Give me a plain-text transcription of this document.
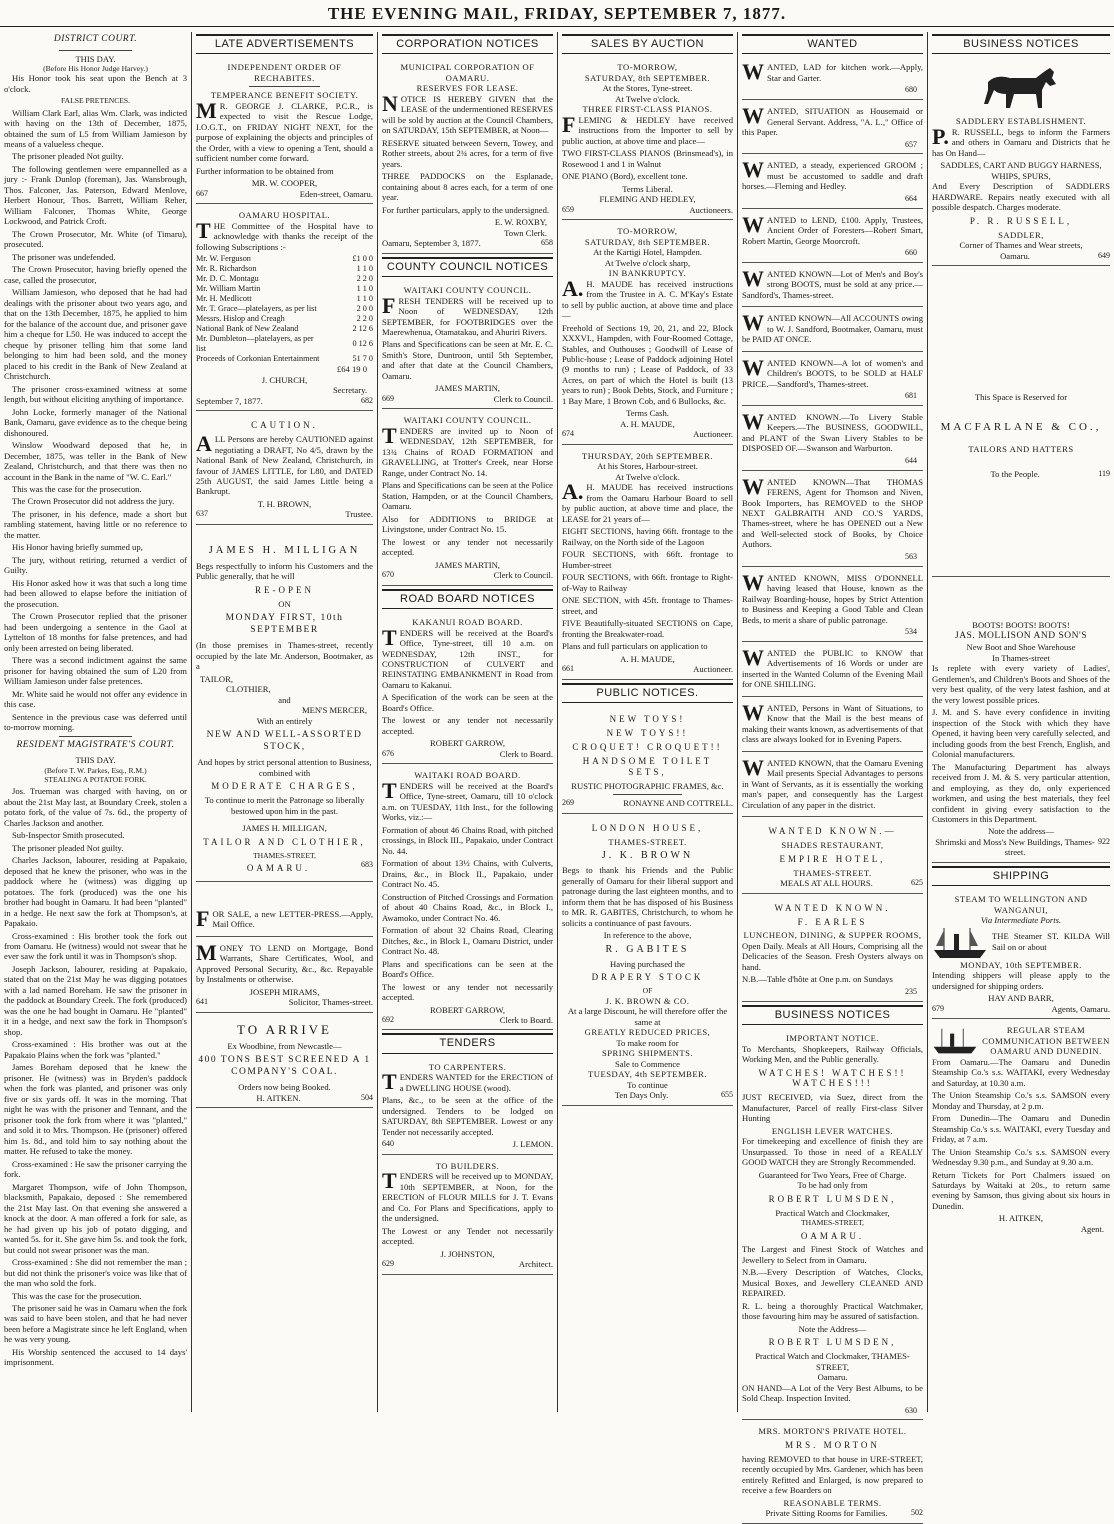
THE EVENING MAIL, FRIDAY, SEPTEMBER 7, 1877.
DISTRICT COURT.
THIS DAY.
(Before His Honor Judge Harvey.)

His Honor took his seat upon the Bench at 3 o'clock.

FALSE PRETENCES.

William Clark Earl, alias Wm. Clark, was indicted with having on the 13th of December, 1875, obtained the sum of L5 from William Jamieson by means of a valueless cheque.

The prisoner pleaded Not guilty.

The following gentlemen were empannelled as a jury :- Frank Dunlop (foreman), Jas. Wansbrough, Thos. Falconer, Jas. Paterson, Edward Menlove, Herbert Honour, Thos. Barrett, William Reher, William Falconer, Thomas White, George Lockwood, and Patrick Croft.

The Crown Prosecutor, Mr. White (of Timaru), prosecuted.

The prisoner was undefended.

The Crown Prosecutor, having briefly opened the case, called the prosecutor,

William Jamieson, who deposed that he had had dealings with the prisoner about two years ago, and that on the 13th December, 1875, he applied to him for the balance of the account due, and prisoner gave him a cheque for L50. He was induced to accept the cheque by prisoner telling him that some land belonging to him had been sold, and the money placed to his credit in the Bank of New Zealand at Christchurch.

The prisoner cross-examined witness at some length, but without eliciting anything of importance.

John Locke, formerly manager of the National Bank, Oamaru, gave evidence as to the cheque being dishonoured.

Winslow Woodward deposed that he, in December, 1875, was teller in the Bank of New Zealand, Christchurch, and that there was then no account in the Bank in the name of "W. C. Earl."

This was the case for the prosecution.

The Crown Prosecutor did not address the jury.

The prisoner, in his defence, made a short but rambling statement, having little or no reference to the matter.

His Honor having briefly summed up,

The jury, without retiring, returned a verdict of Guilty.

His Honor asked how it was that such a long time had been allowed to elapse before the initiation of the prosecution.

The Crown Prosecutor replied that the prisoner had been undergoing a sentence in the Gaol at Lyttelton of 18 months for false pretences, and had only been arrested on being liberated.

There was a second indictment against the same prisoner for having obtained the sum of L20 from William Jamieson under false pretences.

Mr. White said he would not offer any evidence in this case.

Sentence in the previous case was deferred until to-morrow morning.

RESIDENT MAGISTRATE'S COURT.
THIS DAY.
(Before T. W. Parkes, Esq., R.M.)

STEALING A POTATOE FORK.

Jos. Trueman was charged with having, on or about the 21st May last, at Boundary Creek, stolen a potato fork, of the value of 7s. 6d., the property of Charles Jackson and another.

Sub-Inspector Smith prosecuted.

The prisoner pleaded Not guilty.

Charles Jackson, labourer, residing at Papakaio, deposed that he knew the prisoner, who was in the paddock where he (witness) was digging up potatoes. The fork (produced) was the one his brother had bought in Oamaru. It had been "planted" in a hedge. He next saw the fork at Thompson's, at Papakaio.

Cross-examined : His brother took the fork out from Oamaru. He (witness) would not swear that he ever saw the fork until it was in Thompson's shop.

Joseph Jackson, labourer, residing at Papakaio, stated that on the 21st May he was digging potatoes with a lad named Boreham. He saw the prisoner in the paddock at Boundary Creek. The fork (produced) was the one he had bought in Oamaru. He "planted" it in a hedge, and next saw the fork in Thompson's shop.

Cross-examined : His brother was out at the Papakaio Plains when the fork was "planted."

James Boreham deposed that he knew the prisoner. He (witness) was in Bryden's paddock when the fork was planted, and prisoner was only five or six yards off. It was in the morning. That night he was with the prisoner and Tennant, and the prisoner took the fork from where it was "planted," and sold it to Mrs. Thompson. He (prisoner) offered him 1s. 8d., and told him to say nothing about the matter. He refused to take the money.

Cross-examined : He saw the prisoner carrying the fork.

Margaret Thompson, wife of John Thompson, blacksmith, Papakaio, deposed : She remembered the 21st May last. On that evening she answered a knock at the door. A man offered a fork for sale, as he had given up his job of potato digging, and wanted 5s. for it. She gave him 5s. and took the fork, but could not swear prisoner was the man.

Cross-examined : She did not remember the man ; but did not think the prisoner's voice was like that of the man who sold the fork.

This was the case for the prosecution.

The prisoner said he was in Oamaru when the fork was said to have been stolen, and that he had never been before a Magistrate since he left England, when he was very young.

His Worship sentenced the accused to 14 days' imprisonment.

LATE ADVERTISEMENTS
INDEPENDENT ORDER OF RECHABITES.
TEMPERANCE BENEFIT SOCIETY.

MR. GEORGE J. CLARKE, P.C.R., is expected to visit the Rescue Lodge, I.O.G.T., on FRIDAY NIGHT NEXT, for the purpose of explaining the objects and principles of the Order, with a view to opening a Tent, should a sufficient number come forward.

Further information to be obtained from

MR. W. COOPER,
667	Eden-street, Oamaru.
OAMARU HOSPITAL.

THE Committee of the Hospital have to acknowledge with thanks the receipt of the following Subscriptions :-

Mr. W. Ferguson	£1 0 0
Mr. R. Richardson	1 1 0
Mr. D. C. Montagu	2 2 0
Mr. William Martin	1 1 0
Mr. H. Medlicott	1 1 0
Mr. T. Grace—platelayers, as per list	2 0 0
Messrs. Hislop and Creagh	2 2 0
National Bank of New Zealand	2 12 6
Mr. Dumbleton—platelayers, as per list	0 12 6
Proceeds of Corkonian Entertainment	51 7 0
£64 19 0
J. CHURCH,
Secretary.
September 7, 1877.	682
CAUTION.

ALL Persons are hereby CAUTIONED against negotiating a DRAFT, No 4/5, drawn by the National Bank of New Zealand, Christchurch, in favour of JAMES LITTLE, for L80, and DATED 25th AUGUST, the said James Little being a Bankrupt.

T. H. BROWN,
637	Trustee.
JAMES H. MILLIGAN

Begs respectfully to inform his Customers and the Public generally, that he will

RE-OPEN
ON
MONDAY FIRST, 10th SEPTEMBER

(In those premises in Thames-street, recently occupied by the late Mr. Anderson, Bootmaker, as a

TAILOR,
CLOTHIER,
and
MEN'S MERCER,
With an entirely
NEW AND WELL-ASSORTED STOCK,
And hopes by strict personal attention to Business, combined with
MODERATE CHARGES,
To continue to merit the Patronage so liberally bestowed upon him in the past.
JAMES H. MILLIGAN,
TAILOR AND CLOTHIER,
THAMES-STREET,
OAMARU.	683

FOR SALE, a new LETTER-PRESS.—Apply, Mail Office.

MONEY TO LEND on Mortgage, Bond Warrants, Share Certificates, Wool, and Approved Personal Security, &c., &c. Repayable by Instalments or otherwise.

JOSEPH MIRAMS,
641	Solicitor, Thames-street.
TO ARRIVE
Ex Woodbine, from Newcastle—
400 TONS BEST SCREENED A 1 COMPANY'S COAL.
Orders now being Booked.
H. AITKEN.	504
CORPORATION NOTICES
MUNICIPAL CORPORATION OF OAMARU.
RESERVES FOR LEASE.

NOTICE IS HEREBY GIVEN that the LEASE of the undermentioned RESERVES will be sold by auction at the Council Chambers, on SATURDAY, 15th SEPTEMBER, at Noon—

RESERVE situated between Severn, Towey, and Rother streets, about 2¾ acres, for a term of five years.

THREE PADDOCKS on the Esplanade, containing about 8 acres each, for a term of one year.

For further particulars, apply to the undersigned.

E. W. ROXBY,
Town Clerk.
Oamaru, September 3, 1877.	658
COUNTY COUNCIL NOTICES
WAITAKI COUNTY COUNCIL.

FRESH TENDERS will be received up to Noon of WEDNESDAY, 12th SEPTEMBER, for FOOTBRIDGES over the Maerewhenua, Otamatakau, and Ahuriri Rivers.

Plans and Specifications can be seen at Mr. E. C. Smith's Store, Duntroon, until 5th September, and after that date at the Council Chambers, Oamaru.

JAMES MARTIN,
669	Clerk to Council.
WAITAKI COUNTY COUNCIL.

TENDERS are invited up to Noon of WEDNESDAY, 12th SEPTEMBER, for 13¾ Chains of ROAD FORMATION and GRAVELLING, at Trotter's Creek, near Horse Range, under Contract No. 14.

Plans and Specifications can be seen at the Police Station, Hampden, or at the Council Chambers, Oamaru.

Also for ADDITIONS to BRIDGE at Livingstone, under Contract No. 15.

The lowest or any tender not necessarily accepted.

JAMES MARTIN,
670	Clerk to Council.
ROAD BOARD NOTICES
KAKANUI ROAD BOARD.

TENDERS will be received at the Board's Office, Tyne-street, till 10 a.m. on WEDNESDAY, 12th INST., for CONSTRUCTION of CULVERT and REINSTATING EMBANKMENT in Road from Oamaru to Kakanui.

A Specification of the work can be seen at the Board's Office.

The lowest or any tender not necessarily accepted.

ROBERT GARROW,
676	Clerk to Board.
WAITAKI ROAD BOARD.

TENDERS will be received at the Board's Office, Tyne-street, Oamaru, till 10 o'clock a.m. on TUESDAY, 11th Inst., for the following Works, viz.:—

Formation of about 46 Chains Road, with pitched crossings, in Block III., Papakaio, under Contract No. 44.

Formation of about 13½ Chains, with Culverts, Drains, &c., in Block II., Papakaio, under Contract No. 45.

Construction of Pitched Crossings and Formation of about 40 Chains Road, &c., in Block I., Awamoko, under Contract No. 46.

Formation of about 32 Chains Road, Clearing Ditches, &c., in Block I., Oamaru District, under Contract No. 48.

Plans and specifications can be seen at the Board's Office.

The lowest or any tender not necessarily accepted.

ROBERT GARROW,
692	Clerk to Board.
TENDERS
TO CARPENTERS.

TENDERS WANTED for the ERECTION of a DWELLING HOUSE (wood).

Plans, &c., to be seen at the office of the undersigned. Tenders to be lodged on SATURDAY, 8th SEPTEMBER. Lowest or any Tender not necessarily accepted.

640	J. LEMON.
TO BUILDERS.

TENDERS will be received up to MONDAY, 10th SEPTEMBER, at Noon, for the ERECTION of FLOUR MILLS for J. T. Evans and Co. For Plans and Specifications, apply to the undersigned.

The Lowest or any Tender not necessarily accepted.

J. JOHNSTON,
629	Architect.
SALES BY AUCTION
TO-MORROW,
SATURDAY, 8th SEPTEMBER.
At the Stores, Tyne-street.
At Twelve o'clock.
THREE FIRST-CLASS PIANOS.

FLEMING & HEDLEY have received instructions from the Importer to sell by public auction, at above time and place—

TWO FIRST-CLASS PIANOS (Brinsmead's), in Rosewood 1 and 1 in Walnut

ONE PIANO (Bord), excellent tone.

Terms Liberal.
FLEMING AND HEDLEY,
659	Auctioneers.
TO-MORROW,
SATURDAY, 8th SEPTEMBER.
At the Kartigi Hotel, Hampden.
At Twelve o'clock sharp,
IN BANKRUPTCY.

A.H. MAUDE has received instructions from the Trustee in A. C. M'Kay's Estate to sell by public auction, at above time and place—

Freehold of Sections 19, 20, 21, and 22, Block XXXVI., Hampden, with Four-Roomed Cottage, Stables, and Outhouses ; Goodwill of Lease of Public-house ; Lease of Paddock adjoining Hotel (9 months to run) ; Lease of Paddock, of 33 Acres, on part of which the Hotel is built (13 years to run) ; Book Debts, Stock, and Furniture ; 1 Bay Mare, 1 Brown Cob, and 6 Bullocks, &c.

Terms Cash.
A. H. MAUDE,
674	Auctioneer.
THURSDAY, 20th SEPTEMBER.
At his Stores, Harbour-street.
At Twelve o'clock.

A.H. MAUDE has received instructions from the Oamaru Harbour Board to sell by public auction, at above time and place, the LEASE for 21 years of—

EIGHT SECTIONS, having 66ft. frontage to the Railway, on the North side of the Lagoon

FOUR SECTIONS, with 66ft. frontage to Humber-street

FOUR SECTIONS, with 66ft. frontage to Right-of-Way to Railway

ONE SECTION, with 45ft. frontage to Thames-street, and

FIVE Beautifully-situated SECTIONS on Cape, fronting the Breakwater-road.

Plans and full particulars on application to

A. H. MAUDE,
661	Auctioneer.
PUBLIC NOTICES.
NEW TOYS!
NEW TOYS!!
CROQUET! CROQUET!!
HANDSOME TOILET SETS,
RUSTIC PHOTOGRAPHIC FRAMES, &c.
269	RONAYNE AND COTTRELL.
LONDON HOUSE,
THAMES-STREET.
J. K. BROWN

Begs to thank his Friends and the Public generally of Oamaru for their liberal support and patronage during the last eighteen months, and to inform them that he has disposed of his Business to MR. R. GABITES, Christchurch, to whom he solicits a continuance of past favours.

In reference to the above,
R. GABITES
Having purchased the
DRAPERY STOCK
OF
J. K. BROWN & CO.
At a large Discount, he will therefore offer the same at
GREATLY REDUCED PRICES,
To make room for
SPRING SHIPMENTS.
Sale to Commence
TUESDAY, 4th SEPTEMBER.
To continue
Ten Days Only.	655
WANTED

WANTED, LAD for kitchen work.—Apply, Star and Garter.

680

WANTED, SITUATION as Housemaid or General Servant. Address, "A. L.," Office of this Paper.

657

WANTED, a steady, experienced GROOM ; must be accustomed to saddle and draft horses.—Fleming and Hedley.

664

WANTED to LEND, £100. Apply, Trustees, Ancient Order of Foresters—Robert Smart, Robert Martin, George Moorcroft.

660

WANTED KNOWN—Lot of Men's and Boy's strong BOOTS, must be sold at any price.—Sandford's, Thames-street.

WANTED KNOWN—All ACCOUNTS owing to W. J. Sandford, Bootmaker, Oamaru, must be PAID AT ONCE.

WANTED KNOWN—A lot of women's and Children's BOOTS, to be SOLD at HALF PRICE.—Sandford's, Thames-street.

681

WANTED KNOWN.—To Livery Stable Keepers.—The BUSINESS, GOODWILL, and PLANT of the Swan Livery Stables to be DISPOSED OF.—Swanson and Warburton.

644

WANTED KNOWN—That THOMAS FERENS, Agent for Thomson and Niven, Book Importers, has REMOVED to the SHOP NEXT GALBRAITH AND CO.'S YARDS, Thames-street, where he has OPENED out a New and Well-selected stock of Books, by Choice Authors.

563

WANTED KNOWN, MISS O'DONNELL having leased that House, known as the Railway Boarding-house, hopes by Strict Attention to Business and Keeping a Good Table and Clean Beds, to merit a share of public patronage.

534

WANTED the PUBLIC to KNOW that Advertisements of 16 Words or under are inserted in the Wanted Column of the Evening Mail for ONE SHILLING.

WANTED, Persons in Want of Situations, to Know that the Mail is the best means of making their wants known, as advertisements of that class are always looked for in Evening Papers.

WANTED KNOWN, that the Oamaru Evening Mail presents Special Advantages to persons in Want of Servants, as it is essentially the working man's paper, and consequently has the Largest Circulation of any paper in the district.

WANTED KNOWN.—
SHADES RESTAURANT,
EMPIRE HOTEL,
THAMES-STREET.
MEALS AT ALL HOURS.	625
WANTED KNOWN.
F. EARLES
LUNCHEON, DINING, & SUPPER ROOMS,

Open Daily. Meals at All Hours, Comprising all the Delicacies of the Season. Fresh Oysters always on hand.

N.B.—Table d'hôte at One p.m. on Sundays

235
BUSINESS NOTICES
IMPORTANT NOTICE.

To Merchants, Shopkeepers, Railway Officials, Working Men, and the Public generally.

WATCHES! WATCHES!! WATCHES!!!

JUST RECEIVED, via Suez, direct from the Manufacturer, Parcel of really First-class Silver Hunting

ENGLISH LEVER WATCHES.

For timekeeping and excellence of finish they are Unsurpassed. To those in need of a REALLY GOOD WATCH they are Strongly Recommended.

Guaranteed for Two Years, Free of Charge.
To be had only from
ROBERT LUMSDEN,
Practical Watch and Clockmaker,
THAMES-STREET,
OAMARU.

The Largest and Finest Stock of Watches and Jewellery to Select from in Oamaru.

N.B.—Every Description of Watches, Clocks, Musical Boxes, and Jewellery CLEANED AND REPAIRED.

R. L. being a thoroughly Practical Watchmaker, those favouring him may be assured of satisfaction.

Note the Address—
ROBERT LUMSDEN,
Practical Watch and Clockmaker, THAMES-STREET,
Oamaru.

ON HAND—A Lot of the Very Best Albums, to be Sold Cheap. Inspection Invited.

630
MRS. MORTON'S PRIVATE HOTEL.
MRS. MORTON

having REMOVED to that house in URE-STREET, recently occupied by Mrs. Gardener, which has been entirely Refitted and Enlarged, is now prepared to receive a few Boarders on

REASONABLE TERMS.
Private Sitting Rooms for Families.	502
BUSINESS NOTICES
SADDLERY ESTABLISHMENT.

P.R. RUSSELL, begs to inform the Farmers and others in Oamaru and Districts that he has On Hand—

SADDLES, CART AND BUGGY HARNESS, WHIPS, SPURS,

And Every Description of SADDLERS HARDWARE. Repairs neatly executed with all possible despatch. Charges moderate.

P. R. RUSSELL,
SADDLER,
Corner of Thames and Wear streets,
Oamaru.	649
This Space is Reserved for
MACFARLANE & CO.,
TAILORS AND HATTERS
To the People.	119
BOOTS! BOOTS! BOOTS!
JAS. MOLLISON AND SON'S
New Boot and Shoe Warehouse
In Thames-street

Is replete with every variety of Ladies', Gentlemen's, and Children's Boots and Shoes of the very best quality, of the very latest fashion, and at the very lowest possible prices.

J. M. and S. have every confidence in inviting inspection of the Stock with which they have Opened, it having been very carefully selected, and including goods from the best French, English, and Colonial manufacturers.

The Manufacturing Department has always received from J. M. & S. very particular attention, and employing, as they do, only experienced workmen, and using the best materials, they feel confident in giving every satisfaction to the Customers in this Department.

Note the address—
Shrimski and Moss's New Buildings, Thames-street.
922
SHIPPING
STEAM TO WELLINGTON AND WANGANUI,
Via Intermediate Ports.

THE Steamer ST. KILDA Will Sail on or about

MONDAY, 10th SEPTEMBER.

Intending shippers will please apply to the undersigned for shipping orders.

HAY AND BARR,
679	Agents, Oamaru.
REGULAR STEAM COMMUNICATION BETWEEN OAMARU AND DUNEDIN.

From Oamaru.—The Oamaru and Dunedin Steamship Co.'s s.s. WAITAKI, every Wednesday and Saturday, at 10.30 a.m.

The Union Steamship Co.'s s.s. SAMSON every Monday and Thursday, at 2 p.m.

From Dunedin—The Oamaru and Dunedin Steamship Co.'s s.s. WAITAKI, every Tuesday and Friday, at 7 a.m.

The Union Steamship Co.'s s.s. SAMSON every Wednesday 9.30 p.m., and Sunday at 9.30 a.m.

Return Tickets for Port Chalmers issued on Saturdays by Waitaki at 20s., to return same evening by Samson, thus giving about six hours in Dunedin.

H. AITKEN,
Agent.
